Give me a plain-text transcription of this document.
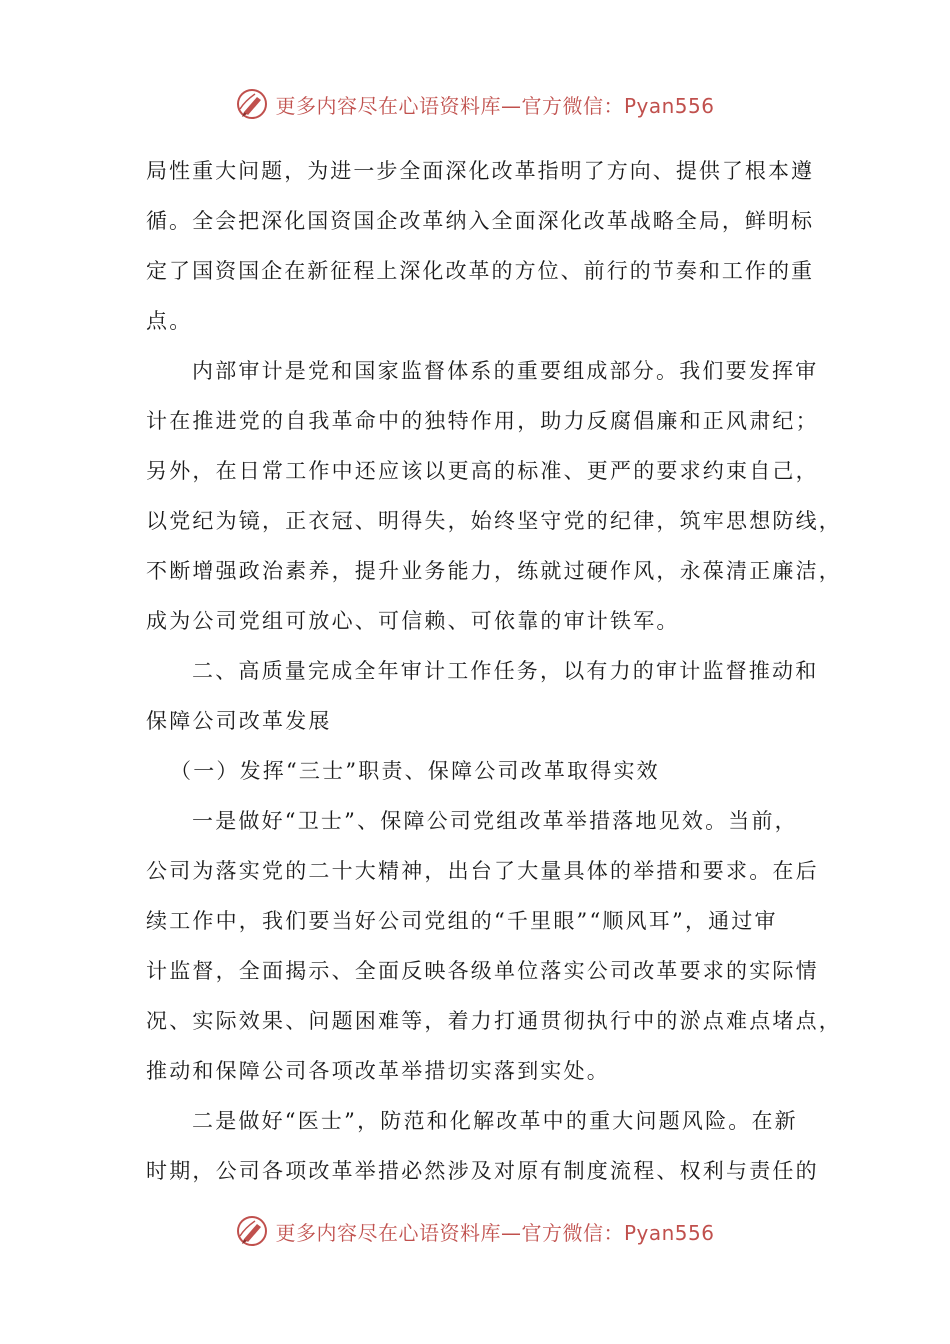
更多内容尽在心语资料库—官方微信：Pyan556
局性重大问题，为进一步全面深化改革指明了方向、提供了根本遵
循。全会把深化国资国企改革纳入全面深化改革战略全局，鲜明标
定了国资国企在新征程上深化改革的方位、前行的节奏和工作的重
点。
内部审计是党和国家监督体系的重要组成部分。我们要发挥审
计在推进党的自我革命中的独特作用，助力反腐倡廉和正风肃纪；
另外，在日常工作中还应该以更高的标准、更严的要求约束自己，
以党纪为镜，正衣冠、明得失，始终坚守党的纪律，筑牢思想防线，
不断增强政治素养，提升业务能力，练就过硬作风，永葆清正廉洁，
成为公司党组可放心、可信赖、可依靠的审计铁军。
二、高质量完成全年审计工作任务，以有力的审计监督推动和
保障公司改革发展
（一）发挥“三士”职责、保障公司改革取得实效
一是做好“卫士”、保障公司党组改革举措落地见效。当前，
公司为落实党的二十大精神，出台了大量具体的举措和要求。在后
续工作中，我们要当好公司党组的“千里眼”“顺风耳”，通过审
计监督，全面揭示、全面反映各级单位落实公司改革要求的实际情
况、实际效果、问题困难等，着力打通贯彻执行中的淤点难点堵点，
推动和保障公司各项改革举措切实落到实处。
二是做好“医士”，防范和化解改革中的重大问题风险。在新
时期，公司各项改革举措必然涉及对原有制度流程、权利与责任的
更多内容尽在心语资料库—官方微信：Pyan556
